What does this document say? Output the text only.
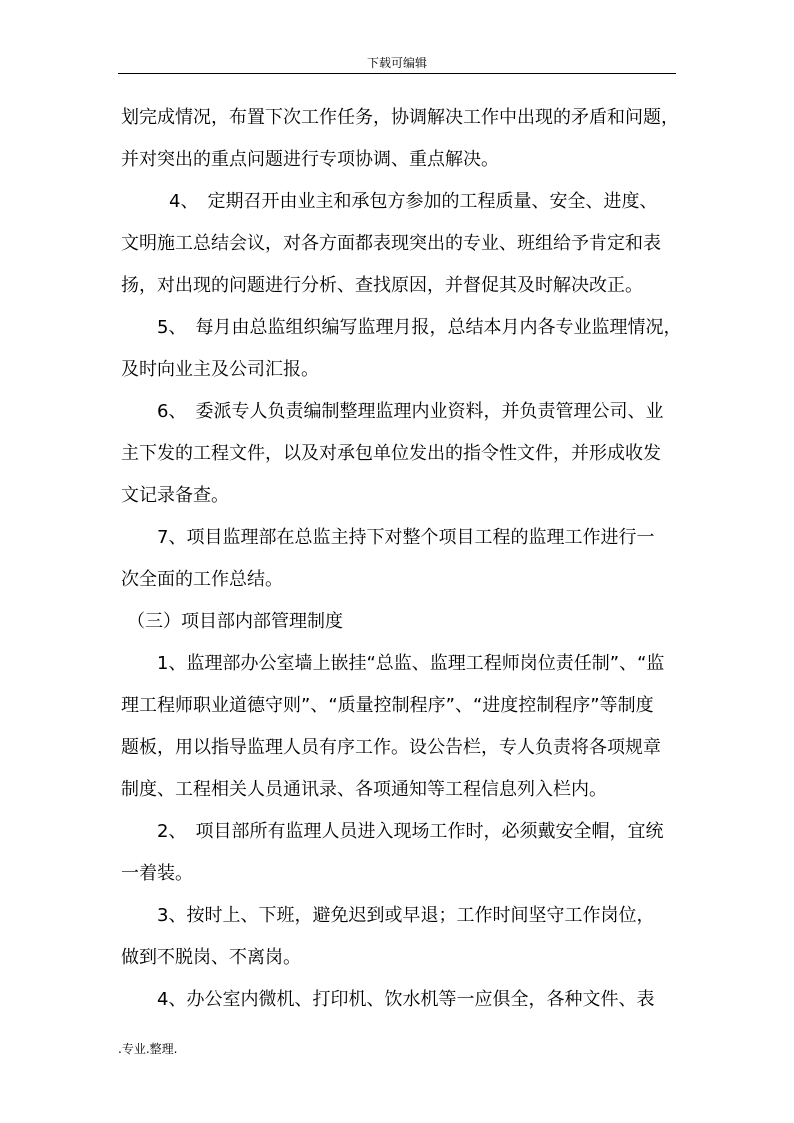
下载可编辑
划完成情况，布置下次工作任务，协调解决工作中出现的矛盾和问题，
并对突出的重点问题进行专项协调、重点解决。
4、　定期召开由业主和承包方参加的工程质量、安全、进度、
文明施工总结会议，对各方面都表现突出的专业、班组给予肯定和表
扬，对出现的问题进行分析、查找原因，并督促其及时解决改正。
5、　每月由总监组织编写监理月报，总结本月内各专业监理情况，
及时向业主及公司汇报。
6、　委派专人负责编制整理监理内业资料，并负责管理公司、业
主下发的工程文件，以及对承包单位发出的指令性文件，并形成收发
文记录备查。
7、项目监理部在总监主持下对整个项目工程的监理工作进行一
次全面的工作总结。
（三）项目部内部管理制度
1、监理部办公室墙上嵌挂“总监、监理工程师岗位责任制”、“监
理工程师职业道德守则”、“质量控制程序”、“进度控制程序”等制度
题板，用以指导监理人员有序工作。设公告栏，专人负责将各项规章
制度、工程相关人员通讯录、各项通知等工程信息列入栏内。
2、　项目部所有监理人员进入现场工作时，必须戴安全帽，宜统
一着装。
3、按时上、下班，避免迟到或早退；工作时间坚守工作岗位，
做到不脱岗、不离岗。
4、办公室内微机、打印机、饮水机等一应俱全，各种文件、表
.专业.整理.
